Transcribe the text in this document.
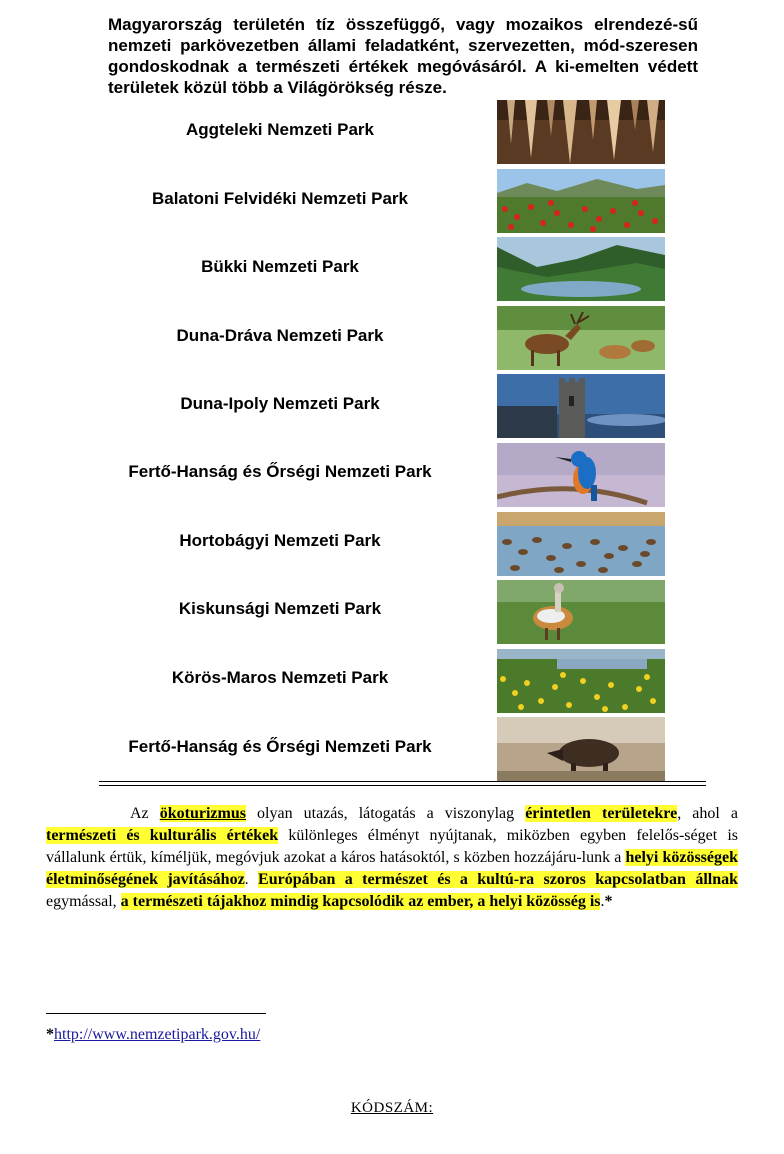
Magyarország területén tíz összefüggő, vagy mozaikos elrendezé-sű nemzeti parkövezetben állami feladatként, szervezetten, mód-szeresen gondoskodnak a természeti értékek megóvásáról. A ki-emelten védett területek közül több a Világörökség része.
Aggteleki Nemzeti Park
Balatoni Felvidéki Nemzeti Park
Bükki Nemzeti Park
Duna-Dráva Nemzeti Park
Duna-Ipoly Nemzeti Park
Fertő-Hanság és Őrségi Nemzeti Park
Hortobágyi Nemzeti Park
Kiskunsági Nemzeti Park
Körös-Maros Nemzeti Park
Fertő-Hanság és Őrségi Nemzeti Park
Az ökoturizmus olyan utazás, látogatás a viszonylag érintetlen területekre, ahol a természeti és kulturális értékek különleges élményt nyújtanak, miközben egyben felelős-séget is vállalunk értük, kíméljük, megóvjuk azokat a káros hatásoktól, s közben hozzájáru-lunk a helyi közösségek életminőségének javításához. Európában a természet és a kultú-ra szoros kapcsolatban állnak egymással, a természeti tájakhoz mindig kapcsolódik az ember, a helyi közösség is.*
*http://www.nemzetipark.gov.hu/
KÓDSZÁM:
